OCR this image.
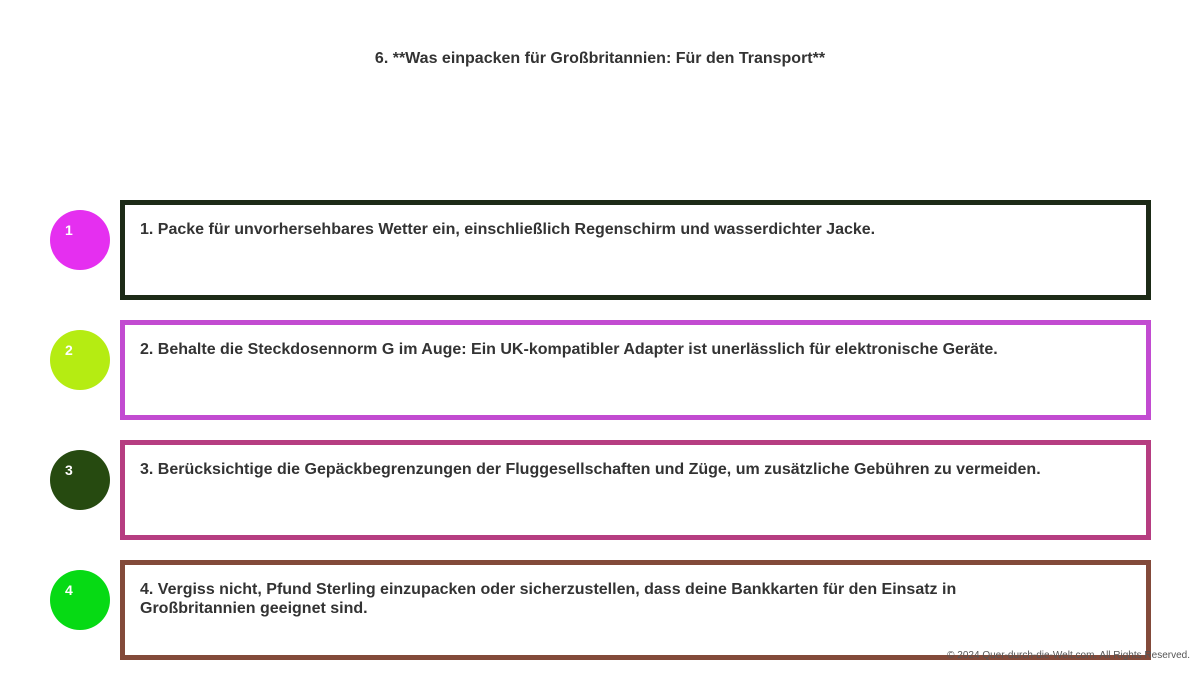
6. **Was einpacken für Großbritannien: Für den Transport**
1	1. Packe für unvorhersehbares Wetter ein, einschließlich Regenschirm und wasserdichter Jacke.
2	2. Behalte die Steckdosennorm G im Auge: Ein UK-kompatibler Adapter ist unerlässlich für elektronische Geräte.
3	3. Berücksichtige die Gepäckbegrenzungen der Fluggesellschaften und Züge, um zusätzliche Gebühren zu vermeiden.
4	4. Vergiss nicht, Pfund Sterling einzupacken oder sicherzustellen, dass deine Bankkarten für den Einsatz in Großbritannien geeignet sind.
© 2024 Quer-durch-die-Welt.com. All Rights Reserved.
